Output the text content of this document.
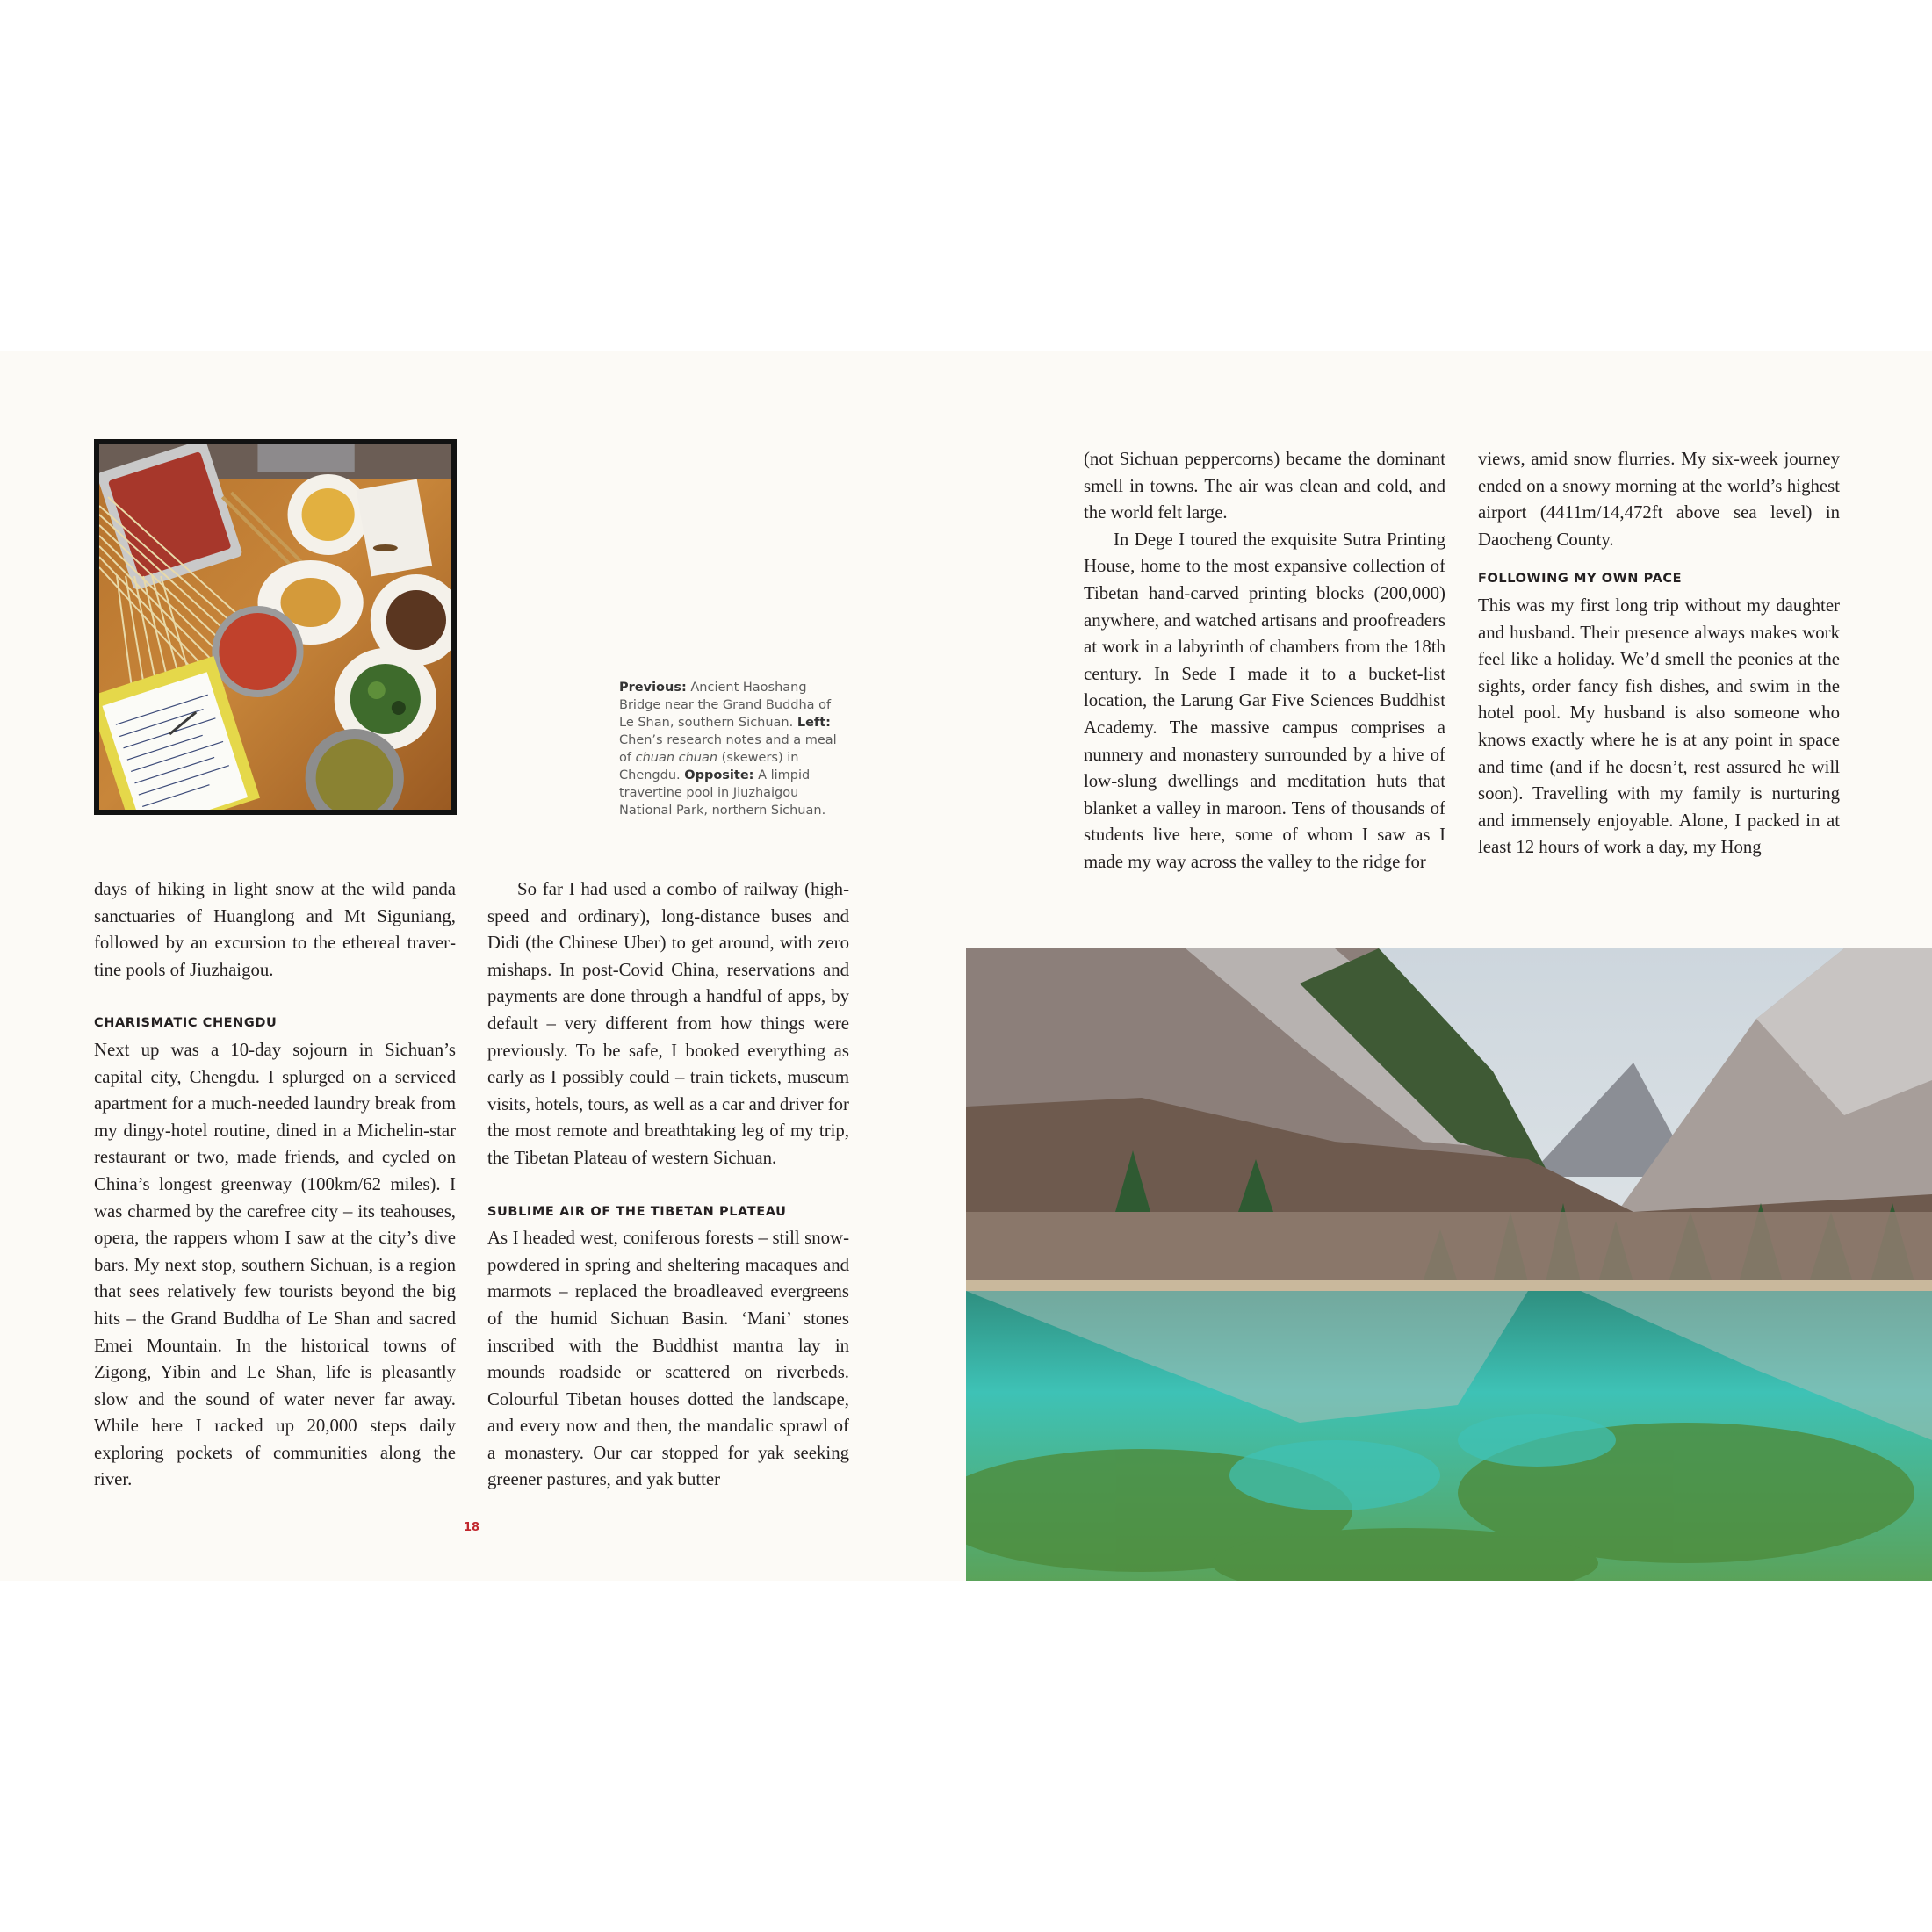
Previous: Ancient Haoshang Bridge near the Grand Buddha of Le Shan, southern Sichuan. Left: Chen’s research notes and a meal of chuan chuan (skewers) in Chengdu. Opposite: A limpid travertine pool in Jiuzhaigou National Park, northern Sichuan.

days of hiking in light snow at the wild panda sanctuaries of Huanglong and Mt Siguniang, followed by an excursion to the ethereal travertine pools of Jiuzhaigou.

CHARISMATIC CHENGDU

Next up was a 10-day sojourn in Sichuan’s capital city, Chengdu. I splurged on a serviced apartment for a much-needed laundry break from my dingy-hotel routine, dined in a Michelin-star restaurant or two, made friends, and cycled on China’s longest greenway (100km/62 miles). I was charmed by the carefree city – its teahouses, opera, the rappers whom I saw at the city’s dive bars. My next stop, southern Sichuan, is a region that sees relatively few tourists beyond the big hits – the Grand Buddha of Le Shan and sacred Emei Mountain. In the historical towns of Zigong, Yibin and Le Shan, life is pleasantly slow and the sound of water never far away. While here I racked up 20,000 steps daily exploring pockets of communities along the river.

So far I had used a combo of railway (high-speed and ordinary), long-distance buses and Didi (the Chinese Uber) to get around, with zero mishaps. In post-Covid China, reservations and payments are done through a handful of apps, by default – very different from how things were previously. To be safe, I booked everything as early as I possibly could – train tickets, museum visits, hotels, tours, as well as a car and driver for the most remote and breathtaking leg of my trip, the Tibetan Plateau of western Sichuan.

SUBLIME AIR OF THE TIBETAN PLATEAU

As I headed west, coniferous forests – still snow-powdered in spring and sheltering macaques and marmots – replaced the broadleaved evergreens of the humid Sichuan Basin. ‘Mani’ stones inscribed with the Buddhist mantra lay in mounds roadside or scattered on riverbeds. Colourful Tibetan houses dotted the landscape, and every now and then, the mandalic sprawl of a monastery. Our car stopped for yak seeking greener pastures, and yak butter

(not Sichuan peppercorns) became the dominant smell in towns. The air was clean and cold, and the world felt large.

In Dege I toured the exquisite Sutra Printing House, home to the most expansive collection of Tibetan hand-carved printing blocks (200,000) anywhere, and watched artisans and proofreaders at work in a labyrinth of chambers from the 18th century. In Sede I made it to a bucket-list location, the Larung Gar Five Sciences Buddhist Academy. The massive campus comprises a nunnery and monastery surrounded by a hive of low-slung dwellings and meditation huts that blanket a valley in maroon. Tens of thousands of students live here, some of whom I saw as I made my way across the valley to the ridge for

views, amid snow flurries. My six-week journey ended on a snowy morning at the world’s highest airport (4411m/14,472ft above sea level) in Daocheng County.

FOLLOWING MY OWN PACE

This was my first long trip without my daughter and husband. Their presence always makes work feel like a holiday. We’d smell the peonies at the sights, order fancy fish dishes, and swim in the hotel pool. My husband is also someone who knows exactly where he is at any point in space and time (and if he doesn’t, rest assured he will soon). Travelling with my family is nurturing and immensely enjoyable. Alone, I packed in at least 12 hours of work a day, my Hong

18
